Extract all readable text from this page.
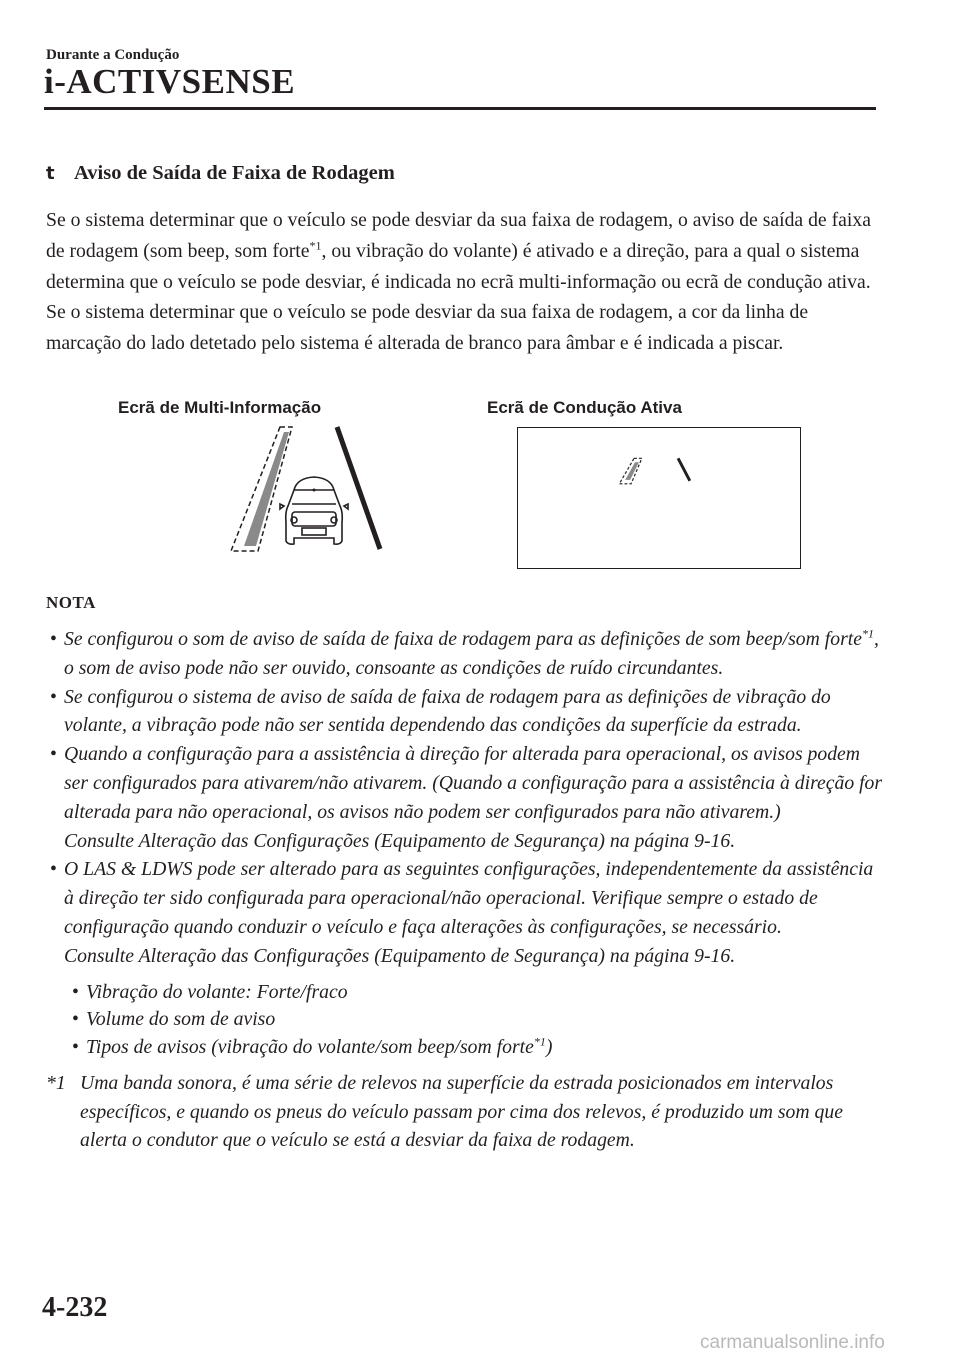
Durante a Condução
i-ACTIVSENSE
t Aviso de Saída de Faixa de Rodagem

Se o sistema determinar que o veículo se pode desviar da sua faixa de rodagem, o aviso de saída de faixa de rodagem (som beep, som forte$^{*1}$, ou vibração do volante) é ativado e a direção, para a qual o sistema determina que o veículo se pode desviar, é indicada no ecrã multi-informação ou ecrã de condução ativa.

Se o sistema determinar que o veículo se pode desviar da sua faixa de rodagem, a cor da linha de marcação do lado detetado pelo sistema é alterada de branco para âmbar e é indicada a piscar.

Ecrã de Multi-Informação	Ecrã de Condução Ativa
NOTA

• Se configurou o som de aviso de saída de faixa de rodagem para as definições de som beep/som forte$^{*1}$, o som de aviso pode não ser ouvido, consoante as condições de ruído circundantes.

• Se configurou o sistema de aviso de saída de faixa de rodagem para as definições de vibração do volante, a vibração pode não ser sentida dependendo das condições da superfície da estrada.

• Quando a configuração para a assistência à direção for alterada para operacional, os avisos podem ser configurados para ativarem/não ativarem. (Quando a configuração para a assistência à direção for alterada para não operacional, os avisos não podem ser configurados para não ativarem.)
Consulte Alteração das Configurações (Equipamento de Segurança) na página 9-16.

• O LAS & LDWS pode ser alterado para as seguintes configurações, independentemente da assistência à direção ter sido configurada para operacional/não operacional. Verifique sempre o estado de configuração quando conduzir o veículo e faça alterações às configurações, se necessário.
Consulte Alteração das Configurações (Equipamento de Segurança) na página 9-16.

• Vibração do volante: Forte/fraco

• Volume do som de aviso

• Tipos de avisos (vibração do volante/som beep/som forte$^{*1}$)

*1 Uma banda sonora, é uma série de relevos na superfície da estrada posicionados em intervalos específicos, e quando os pneus do veículo passam por cima dos relevos, é produzido um som que alerta o condutor que o veículo se está a desviar da faixa de rodagem.
4-232
carmanualsonline.info
